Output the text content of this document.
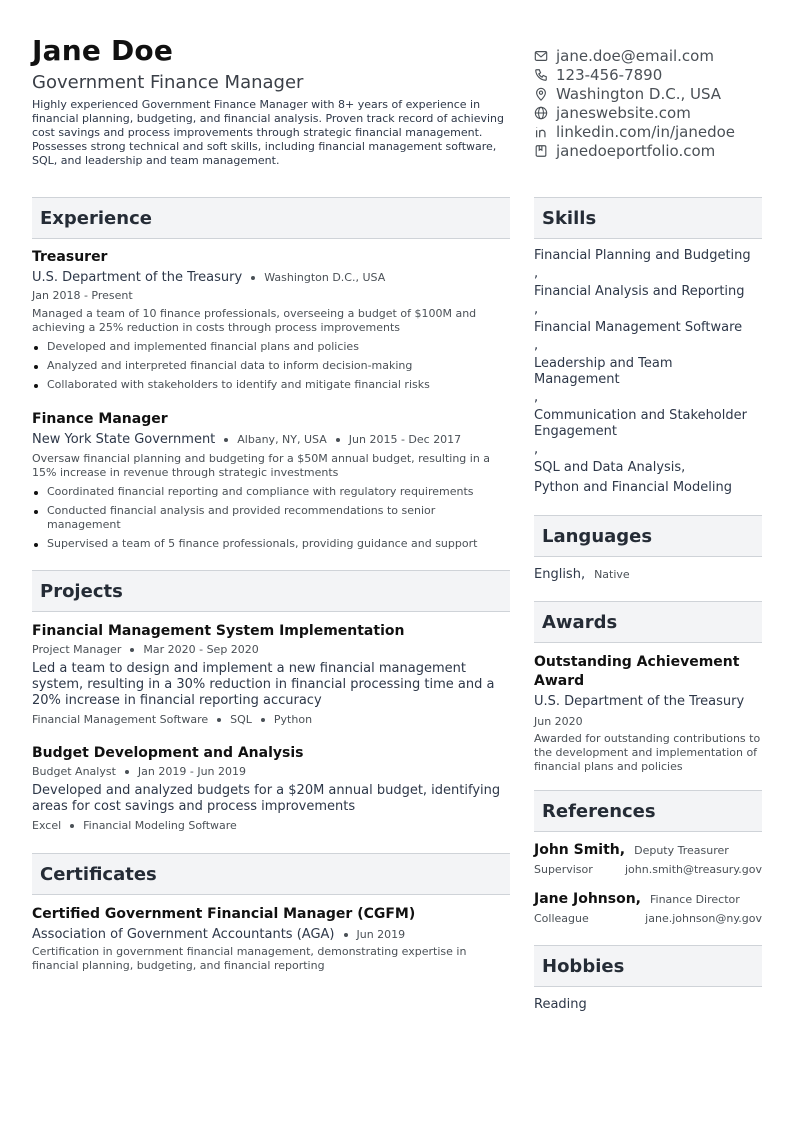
Jane Doe
Government Finance Manager
Highly experienced Government Finance Manager with 8+ years of experience in financial planning, budgeting, and financial analysis. Proven track record of achieving cost savings and process improvements through strategic financial management. Possesses strong technical and soft skills, including financial management software, SQL, and leadership and team management.
jane.doe@email.com
123-456-7890
Washington D.C., USA
janeswebsite.com
linkedin.com/in/janedoe
janedoeportfolio.com
Experience
Treasurer
U.S. Department of the Treasury Washington D.C., USA
Jan 2018 - Present
Managed a team of 10 finance professionals, overseeing a budget of $100M and achieving a 25% reduction in costs through process improvements
Developed and implemented financial plans and policies
Analyzed and interpreted financial data to inform decision-making
Collaborated with stakeholders to identify and mitigate financial risks
Finance Manager
New York State Government Albany, NY, USA Jun 2015 - Dec 2017
Oversaw financial planning and budgeting for a $50M annual budget, resulting in a 15% increase in revenue through strategic investments
Coordinated financial reporting and compliance with regulatory requirements
Conducted financial analysis and provided recommendations to senior management
Supervised a team of 5 finance professionals, providing guidance and support
Projects
Financial Management System Implementation
Project Manager Mar 2020 - Sep 2020
Led a team to design and implement a new financial management system, resulting in a 30% reduction in financial processing time and a 20% increase in financial reporting accuracy
Financial Management Software SQL Python
Budget Development and Analysis
Budget Analyst Jan 2019 - Jun 2019
Developed and analyzed budgets for a $20M annual budget, identifying areas for cost savings and process improvements
Excel Financial Modeling Software
Certificates
Certified Government Financial Manager (CGFM)
Association of Government Accountants (AGA) Jun 2019
Certification in government financial management, demonstrating expertise in financial planning, budgeting, and financial reporting
Skills
Financial Planning and Budgeting
,
Financial Analysis and Reporting
,
Financial Management Software
,
Leadership and Team Management
,
Communication and Stakeholder Engagement
,
SQL and Data Analysis,
Python and Financial Modeling
Languages
English, Native
Awards
Outstanding Achievement Award
U.S. Department of the Treasury
Jun 2020
Awarded for outstanding contributions to the development and implementation of financial plans and policies
References
John Smith, Deputy Treasurer
Supervisor	john.smith@treasury.gov
Jane Johnson, Finance Director
Colleague	jane.johnson@ny.gov
Hobbies
Reading
